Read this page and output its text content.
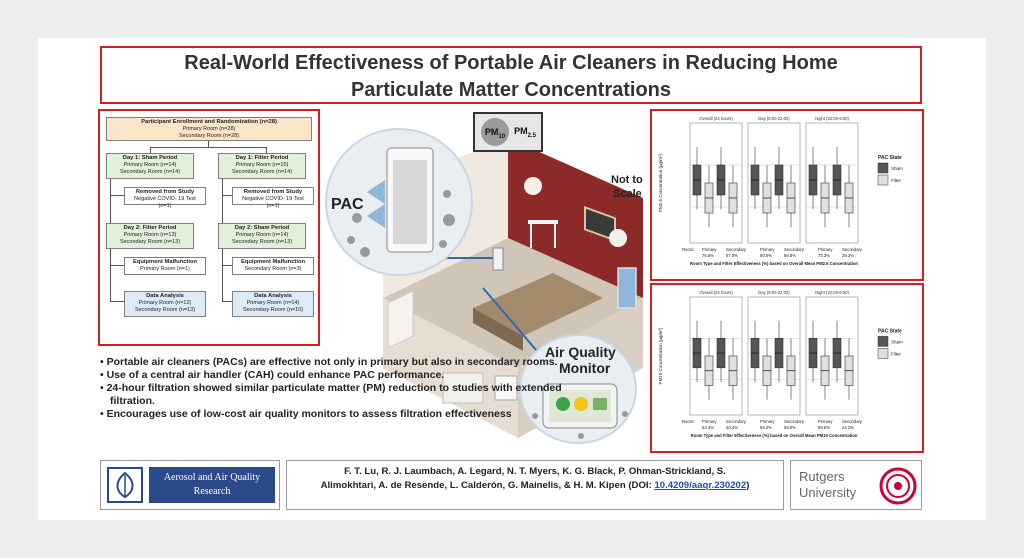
Real-World Effectiveness of Portable Air Cleaners in Reducing Home
Particulate Matter Concentrations
Participant Enrollment and Randomization (n=28)
Primary Room (n=28)
Secondary Room (n=28)
Day 1: Sham Period
Primary Room (n=14)
Secondary Room (n=14)
Day 1: Filter Period
Primary Room (n=15)
Secondary Room (n=14)
Removed from Study
Negative COVID- 19 Test (n=1)
Removed from Study
Negative COVID- 19 Test (n=1)
Day 2: Filter Period
Primary Room (n=13)
Secondary Room (n=13)
Day 2: Sham Period
Primary Room (n=14)
Secondary Room (n=13)
Equipment Malfunction
Primary Room (n=1)
Equipment Malfunction
Secondary Room (n=3)
Data Analysis
Primary Room (n=12)
Secondary Room (n=13)
Data Analysis
Primary Room (n=14)
Secondary Room (n=10)
PAC
$PM_{10}$
$PM_{2.5}$
Not to
Scale
Air Quality
Monitor
PM2.5 Concentration (µg/m³)
Overall (24 hours)	Day (6:00-22:00)	Night (22:00-6:00)
Room: Primary
76.6%
Secondary
57.0%
Primary
80.0%
Secondary
68.8%
Primary
73.3%
Secondary
29.3%
Room Type and Filter Effectiveness (%) based on Overall Mean PM2.5 Concentration
PAC State
Sham
Filter
PM10 Concentration (µg/m³)
Overall (24 hours)	Day (6:00-22:00)	Night (22:00-6:00)
Room: Primary
63.3%
Secondary
40.4%
Primary
69.2%
Secondary
68.8%
Primary
69.6%
Secondary
24.2%
Room Type and Filter Effectiveness (%) based on Overall Mean PM10 Concentration
PAC State
Sham
Filter
• Portable air cleaners (PACs) are effective not only in primary but also in secondary rooms.
• Use of a central air handler (CAH) could enhance PAC performance.
• 24-hour filtration showed similar particulate matter (PM) reduction to studies with extended filtration.
• Encourages use of low-cost air quality monitors to assess filtration effectiveness
Aerosol and Air Quality
Research
F. T. Lu, R. J. Laumbach, A. Legard, N. T. Myers, K. G. Black, P. Ohman-Strickland, S.
Alimokhtari, A. de Resende, L. Calderón, G. Mainelis, & H. M. Kipen (DOI: 10.4209/aaqr.230202)
Rutgers
University
